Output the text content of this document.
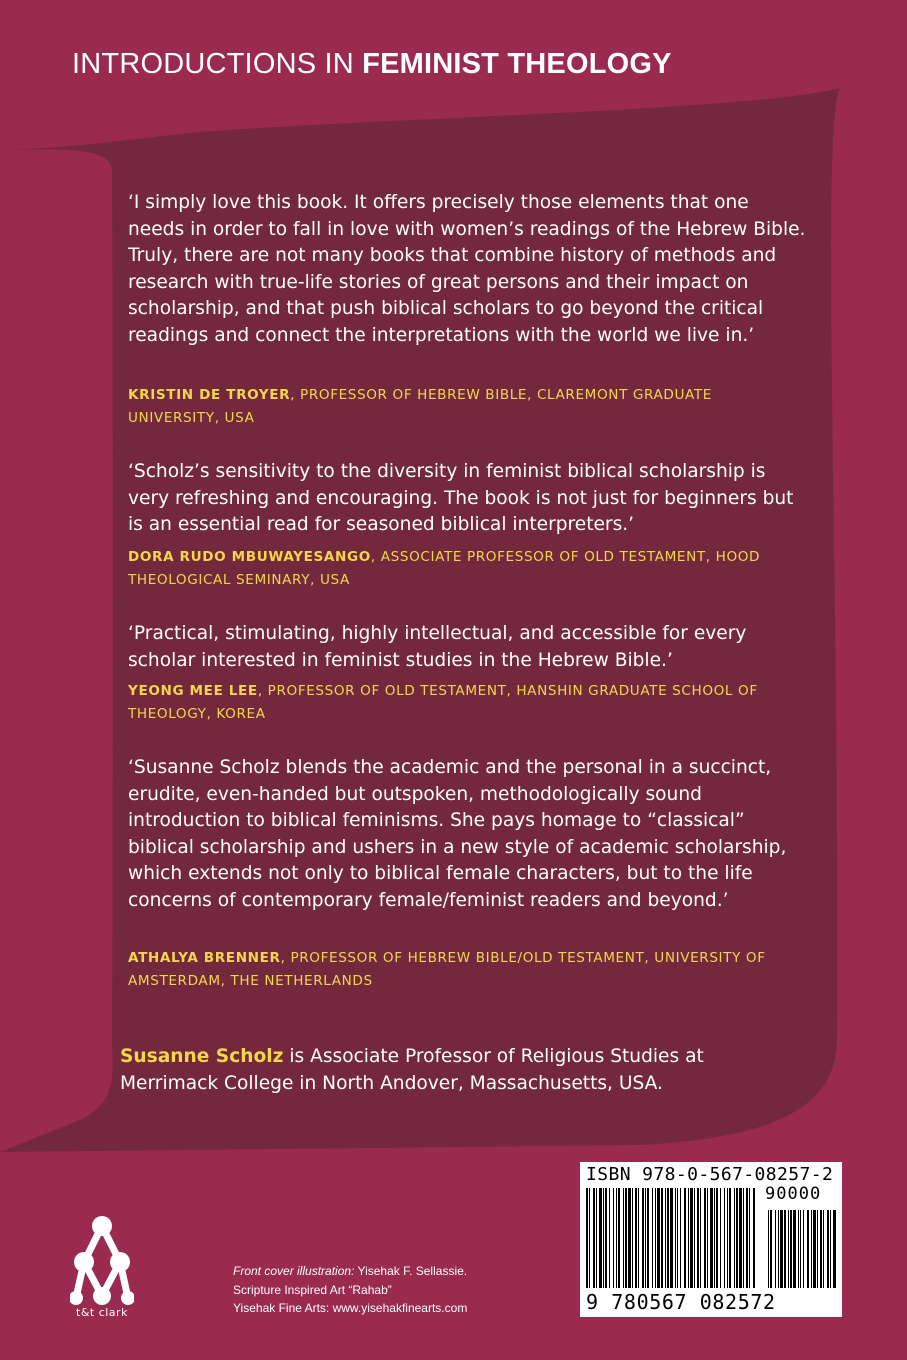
INTRODUCTIONS IN FEMINIST THEOLOGY
‘I simply love this book. It offers precisely those elements that one needs in order to fall in love with women’s readings of the Hebrew Bible. Truly, there are not many books that combine history of methods and research with true-life stories of great persons and their impact on scholarship, and that push biblical scholars to go beyond the critical readings and connect the interpretations with the world we live in.’
KRISTIN DE TROYER, PROFESSOR OF HEBREW BIBLE, CLAREMONT GRADUATE UNIVERSITY, USA
‘Scholz’s sensitivity to the diversity in feminist biblical scholarship is very refreshing and encouraging. The book is not just for beginners but is an essential read for seasoned biblical interpreters.’
DORA RUDO MBUWAYESANGO, ASSOCIATE PROFESSOR OF OLD TESTAMENT, HOOD THEOLOGICAL SEMINARY, USA
‘Practical, stimulating, highly intellectual, and accessible for every scholar interested in feminist studies in the Hebrew Bible.’
YEONG MEE LEE, PROFESSOR OF OLD TESTAMENT, HANSHIN GRADUATE SCHOOL OF THEOLOGY, KOREA
‘Susanne Scholz blends the academic and the personal in a succinct, erudite, even-handed but outspoken, methodologically sound introduction to biblical feminisms. She pays homage to “classical” biblical scholarship and ushers in a new style of academic scholarship, which extends not only to biblical female characters, but to the life concerns of contemporary female/feminist readers and beyond.’
ATHALYA BRENNER, PROFESSOR OF HEBREW BIBLE/OLD TESTAMENT, UNIVERSITY OF AMSTERDAM, THE NETHERLANDS
Susanne Scholz is Associate Professor of Religious Studies at Merrimack College in North Andover, Massachusetts, USA.
t&t clark
Front cover illustration: Yisehak F. Sellassie.
Scripture Inspired Art “Rahab”
Yisehak Fine Arts: www.yisehakfinearts.com
ISBN 978-0-567-08257-2
90000
9 780567 082572
